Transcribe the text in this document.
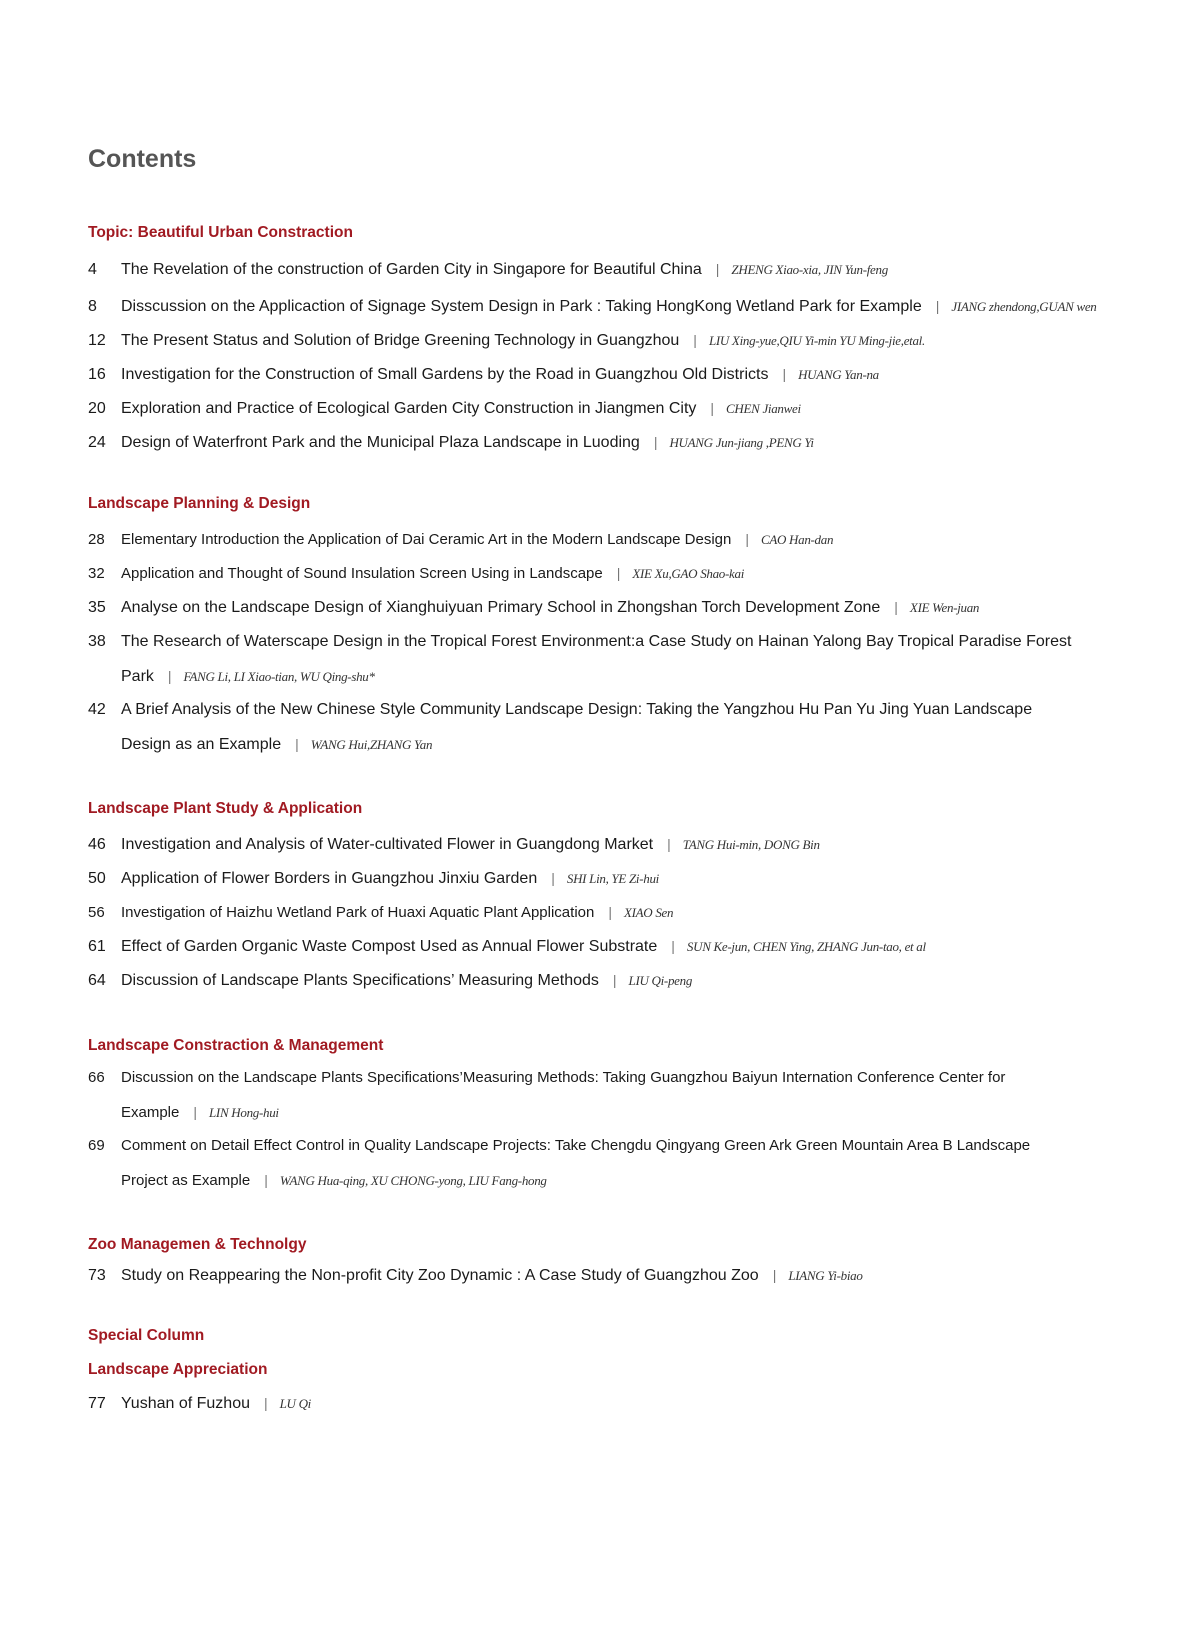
Contents
Topic: Beautiful Urban Constraction
4	The Revelation of the construction of Garden City in Singapore for Beautiful China | ZHENG Xiao-xia, JIN Yun-feng
8	Disscussion on the Applicaction of Signage System Design in Park : Taking HongKong Wetland Park for Example | JIANG zhendong,GUAN wen
12 The Present Status and Solution of Bridge Greening Technology in Guangzhou | LIU Xing-yue,QIU Yi-min YU Ming-jie,etal.
16 Investigation for the Construction of Small Gardens by the Road in Guangzhou Old Districts | HUANG Yan-na
20 Exploration and Practice of Ecological Garden City Construction in Jiangmen City | CHEN Jianwei
24 Design of Waterfront Park and the Municipal Plaza Landscape in Luoding | HUANG Jun-jiang ,PENG Yi
Landscape Planning & Design
28	Elementary Introduction the Application of Dai Ceramic Art in the Modern Landscape Design | CAO Han-dan
32	Application and Thought of Sound Insulation Screen Using in Landscape | XIE Xu,GAO Shao-kai
35 Analyse on the Landscape Design of Xianghuiyuan Primary School in Zhongshan Torch Development Zone | XIE Wen-juan
38 The Research of Waterscape Design in the Tropical Forest Environment:a Case Study on Hainan Yalong Bay Tropical Paradise Forest
Park | FANG Li, LI Xiao-tian, WU Qing-shu*
42 A Brief Analysis of the New Chinese Style Community Landscape Design: Taking the Yangzhou Hu Pan Yu Jing Yuan Landscape
Design as an Example | WANG Hui,ZHANG Yan
Landscape Plant Study & Application
46 Investigation and Analysis of Water-cultivated Flower in Guangdong Market | TANG Hui-min, DONG Bin
50 Application of Flower Borders in Guangzhou Jinxiu Garden | SHI Lin, YE Zi-hui
56	Investigation of Haizhu Wetland Park of Huaxi Aquatic Plant Application | XIAO Sen
61 Effect of Garden Organic Waste Compost Used as Annual Flower Substrate | SUN Ke-jun, CHEN Ying, ZHANG Jun-tao, et al
64 Discussion of Landscape Plants Specifications’ Measuring Methods | LIU Qi-peng
Landscape Constraction & Management
66	Discussion on the Landscape Plants Specifications’Measuring Methods: Taking Guangzhou Baiyun Internation Conference Center for
Example | LIN Hong-hui
69	Comment on Detail Effect Control in Quality Landscape Projects: Take Chengdu Qingyang Green Ark Green Mountain Area B Landscape
Project as Example | WANG Hua-qing, XU CHONG-yong, LIU Fang-hong
Zoo Managemen & Technolgy
73 Study on Reappearing the Non-profit City Zoo Dynamic : A Case Study of Guangzhou Zoo | LIANG Yi-biao
Special Column
Landscape Appreciation
77 Yushan of Fuzhou | LU Qi
